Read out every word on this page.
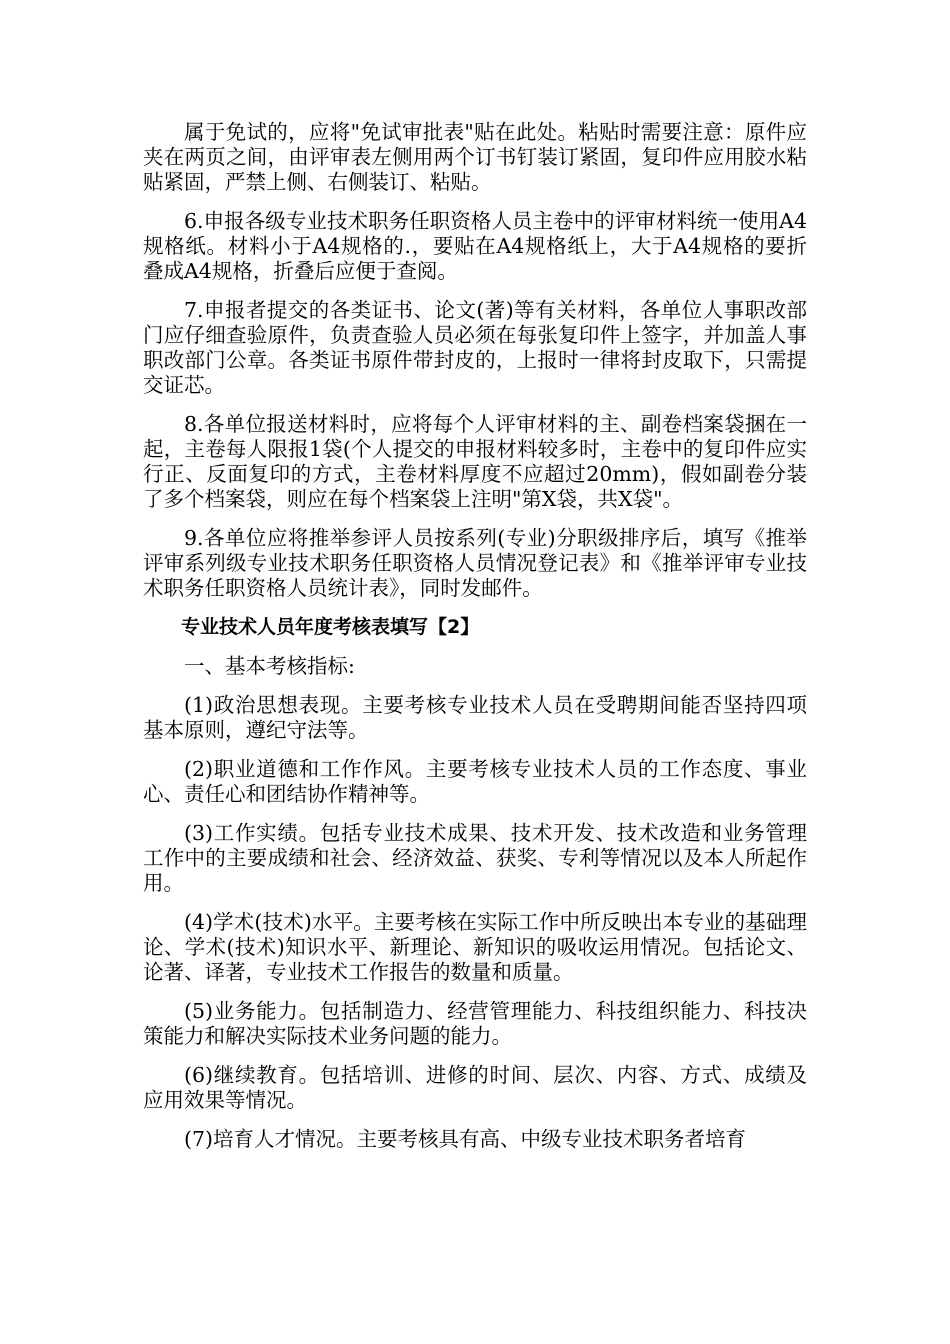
属于免试的，应将"免试审批表"贴在此处。粘贴时需要注意：原件应夹在两页之间，由评审表左侧用两个订书钉装订紧固，复印件应用胶水粘贴紧固，严禁上侧、右侧装订、粘贴。

6.申报各级专业技术职务任职资格人员主卷中的评审材料统一使用A4规格纸。材料小于A4规格的.，要贴在A4规格纸上，大于A4规格的要折叠成A4规格，折叠后应便于查阅。

7.申报者提交的各类证书、论文(著)等有关材料，各单位人事职改部门应仔细查验原件，负责查验人员必须在每张复印件上签字，并加盖人事职改部门公章。各类证书原件带封皮的，上报时一律将封皮取下，只需提交证芯。

8.各单位报送材料时，应将每个人评审材料的主、副卷档案袋捆在一起，主卷每人限报1袋(个人提交的申报材料较多时，主卷中的复印件应实行正、反面复印的方式，主卷材料厚度不应超过20mm)，假如副卷分装了多个档案袋，则应在每个档案袋上注明"第X袋，共X袋"。

9.各单位应将推举参评人员按系列(专业)分职级排序后，填写《推举评审系列级专业技术职务任职资格人员情况登记表》和《推举评审专业技术职务任职资格人员统计表》，同时发邮件。

专业技术人员年度考核表填写【2】

一、基本考核指标:

(1)政治思想表现。主要考核专业技术人员在受聘期间能否坚持四项基本原则，遵纪守法等。

(2)职业道德和工作作风。主要考核专业技术人员的工作态度、事业心、责任心和团结协作精神等。

(3)工作实绩。包括专业技术成果、技术开发、技术改造和业务管理工作中的主要成绩和社会、经济效益、获奖、专利等情况以及本人所起作用。

(4)学术(技术)水平。主要考核在实际工作中所反映出本专业的基础理论、学术(技术)知识水平、新理论、新知识的吸收运用情况。包括论文、论著、译著，专业技术工作报告的数量和质量。

(5)业务能力。包括制造力、经营管理能力、科技组织能力、科技决策能力和解决实际技术业务问题的能力。

(6)继续教育。包括培训、进修的时间、层次、内容、方式、成绩及应用效果等情况。

(7)培育人才情况。主要考核具有高、中级专业技术职务者培育
